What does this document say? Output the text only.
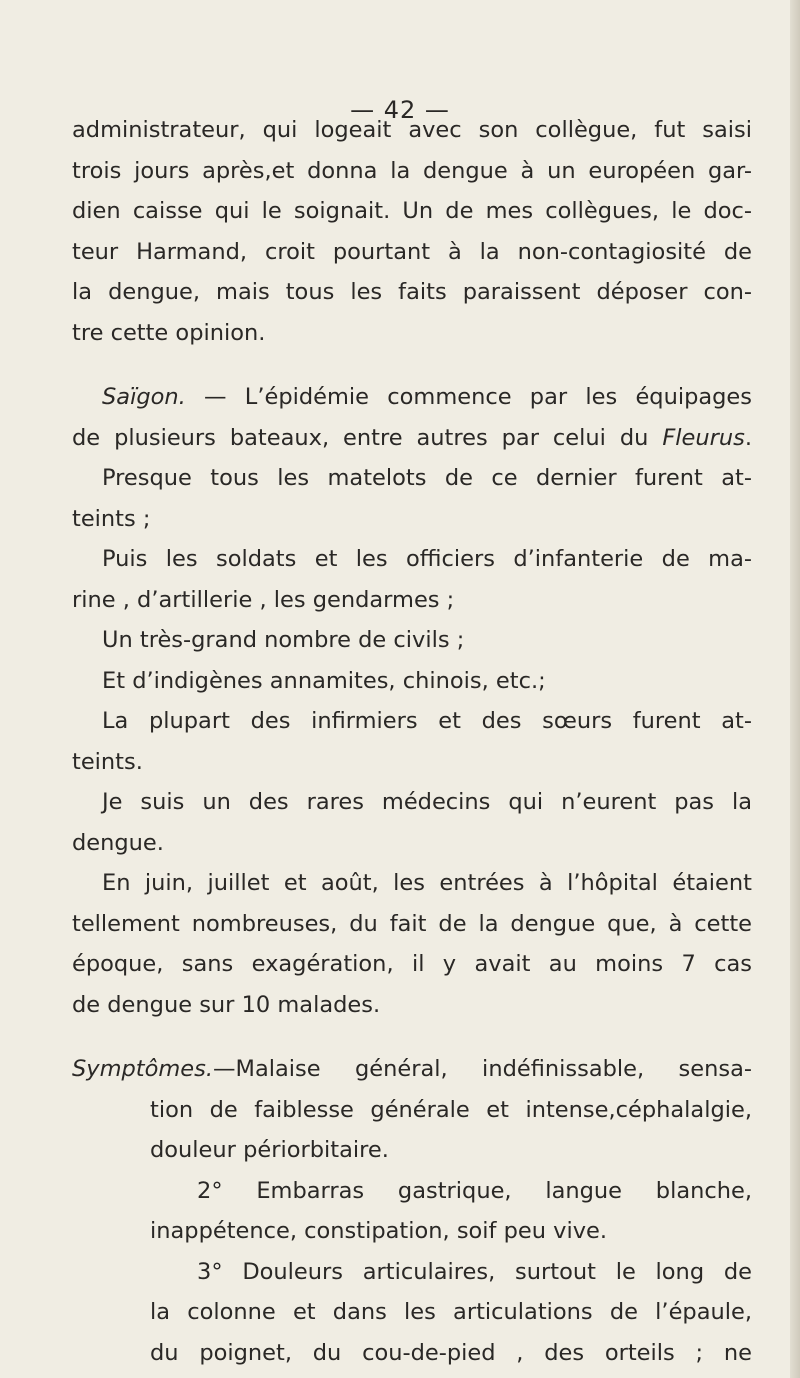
— 42 —
administrateur, qui logeait avec son collègue, fut saisi
trois jours après,et donna la dengue à un européen gar-
dien caisse qui le soignait. Un de mes collègues, le doc-
teur Harmand, croit pourtant à la non-contagiosité de
la dengue, mais tous les faits paraissent déposer con-
tre cette opinion.
Saïgon. — L’épidémie commence par les équipages
de plusieurs bateaux, entre autres par celui du Fleurus.
Presque tous les matelots de ce dernier furent at-
teints ;
Puis les soldats et les officiers d’infanterie de ma-
rine , d’artillerie , les gendarmes ;
Un très-grand nombre de civils ;
Et d’indigènes annamites, chinois, etc.;
La plupart des infirmiers et des sœurs furent at-
teints.
Je suis un des rares médecins qui n’eurent pas la
dengue.
En juin, juillet et août, les entrées à l’hôpital étaient
tellement nombreuses, du fait de la dengue que, à cette
époque, sans exagération, il y avait au moins 7 cas
de dengue sur 10 malades.
Symptômes.—Malaise général, indéfinissable, sensa-
tion de faiblesse générale et intense,céphalalgie,
douleur périorbitaire.
2° Embarras gastrique, langue blanche,
inappétence, constipation, soif peu vive.
3° Douleurs articulaires, surtout le long de
la colonne et dans les articulations de l’épaule,
du poignet, du cou-de-pied , des orteils ; ne
